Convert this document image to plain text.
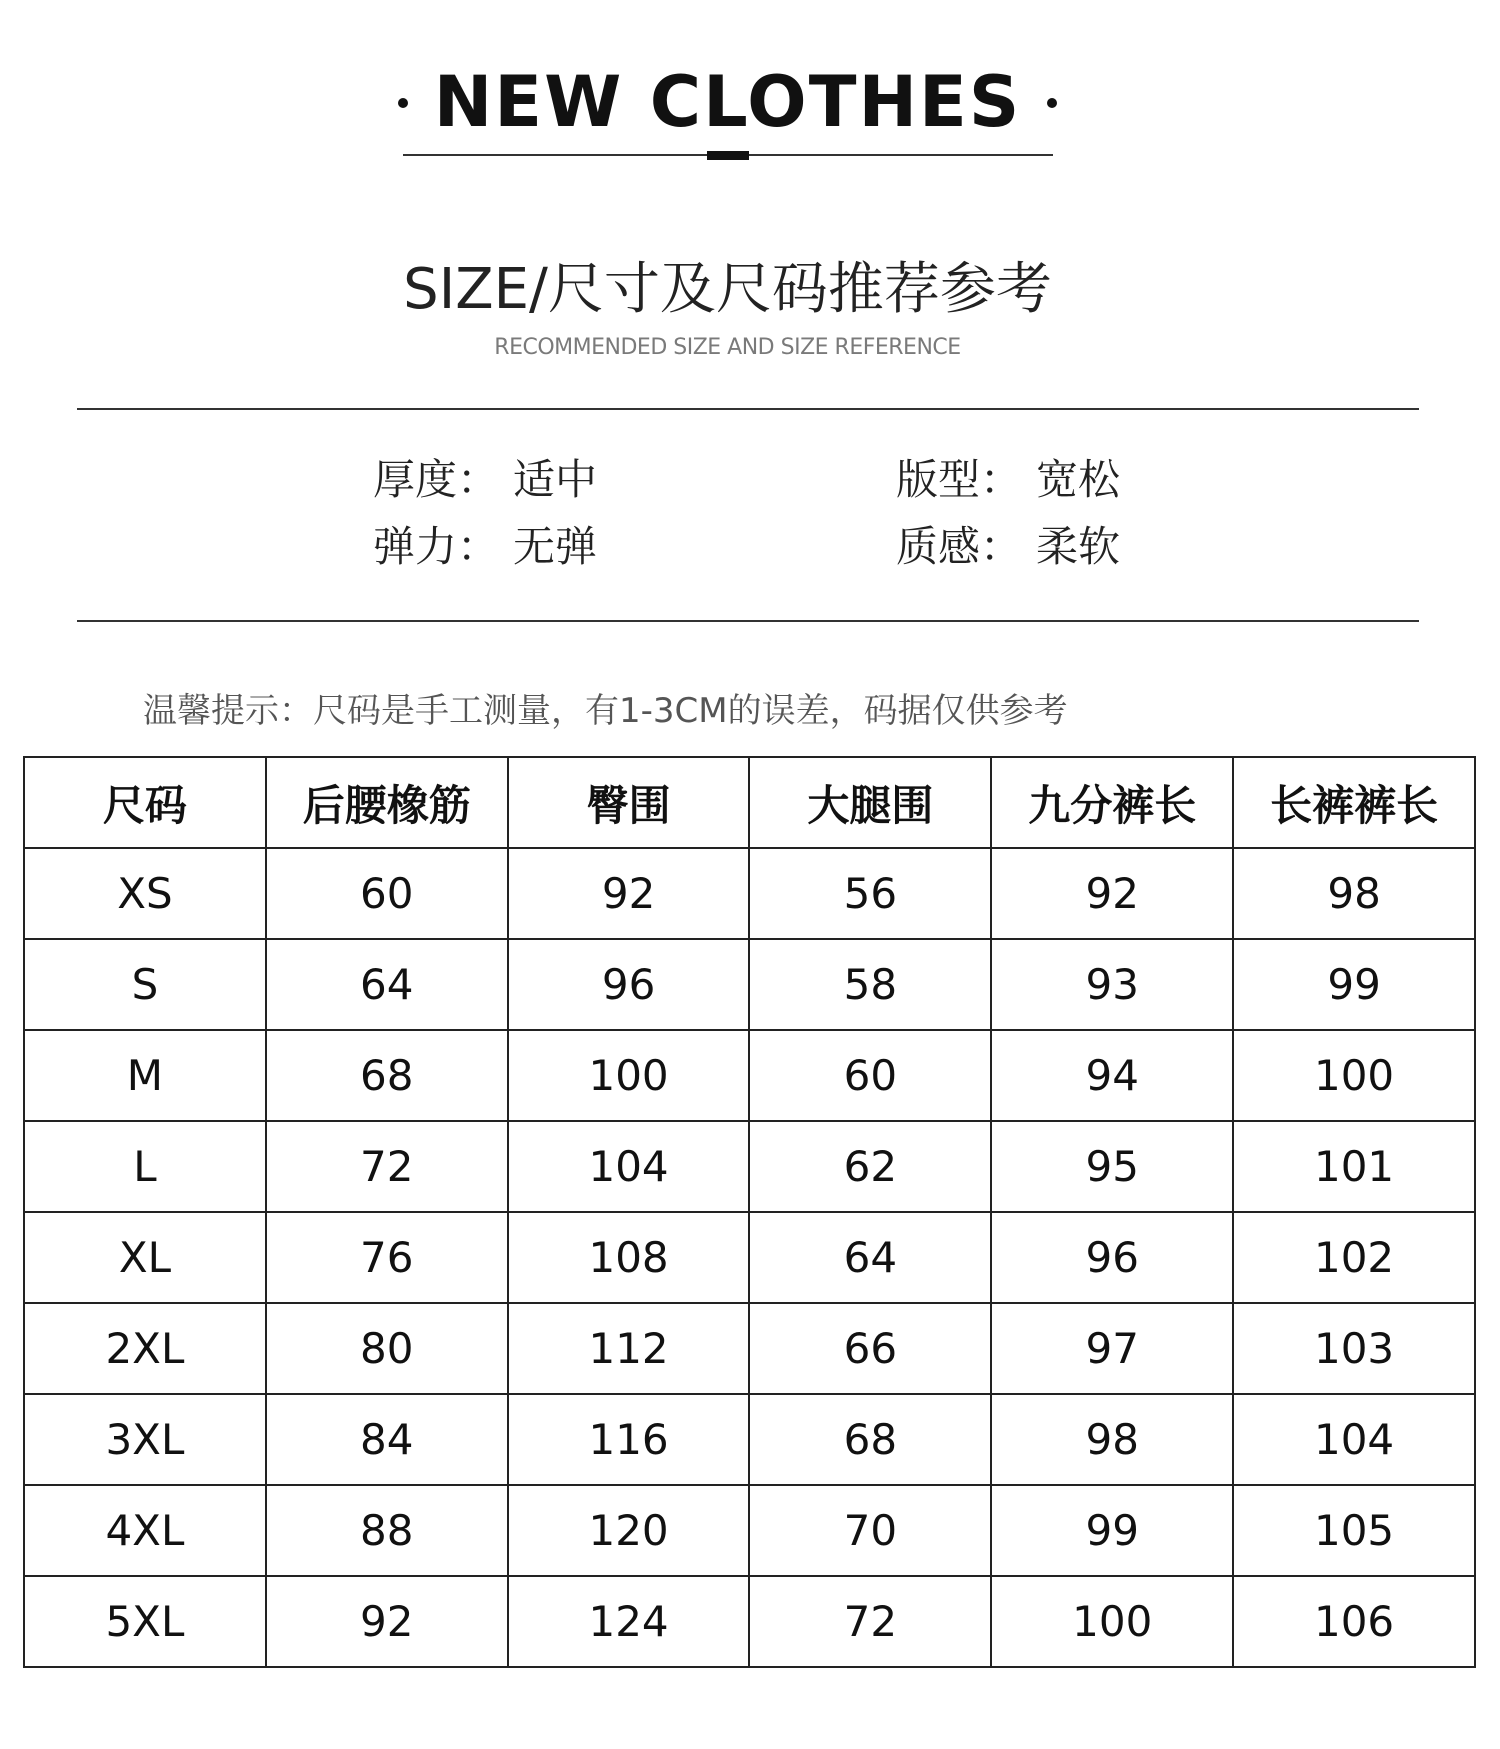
NEW CLOTHES
SIZE/尺寸及尺码推荐参考
RECOMMENDED SIZE AND SIZE REFERENCE
厚度： 适中	版型： 宽松
弹力： 无弹	质感： 柔软
温馨提示：尺码是手工测量，有1-3CM的误差，码据仅供参考
尺码	后腰橡筋	臀围	大腿围	九分裤长	长裤裤长
XS	60	92	56	92	98
S	64	96	58	93	99
M	68	100	60	94	100
L	72	104	62	95	101
XL	76	108	64	96	102
2XL	80	112	66	97	103
3XL	84	116	68	98	104
4XL	88	120	70	99	105
5XL	92	124	72	100	106
